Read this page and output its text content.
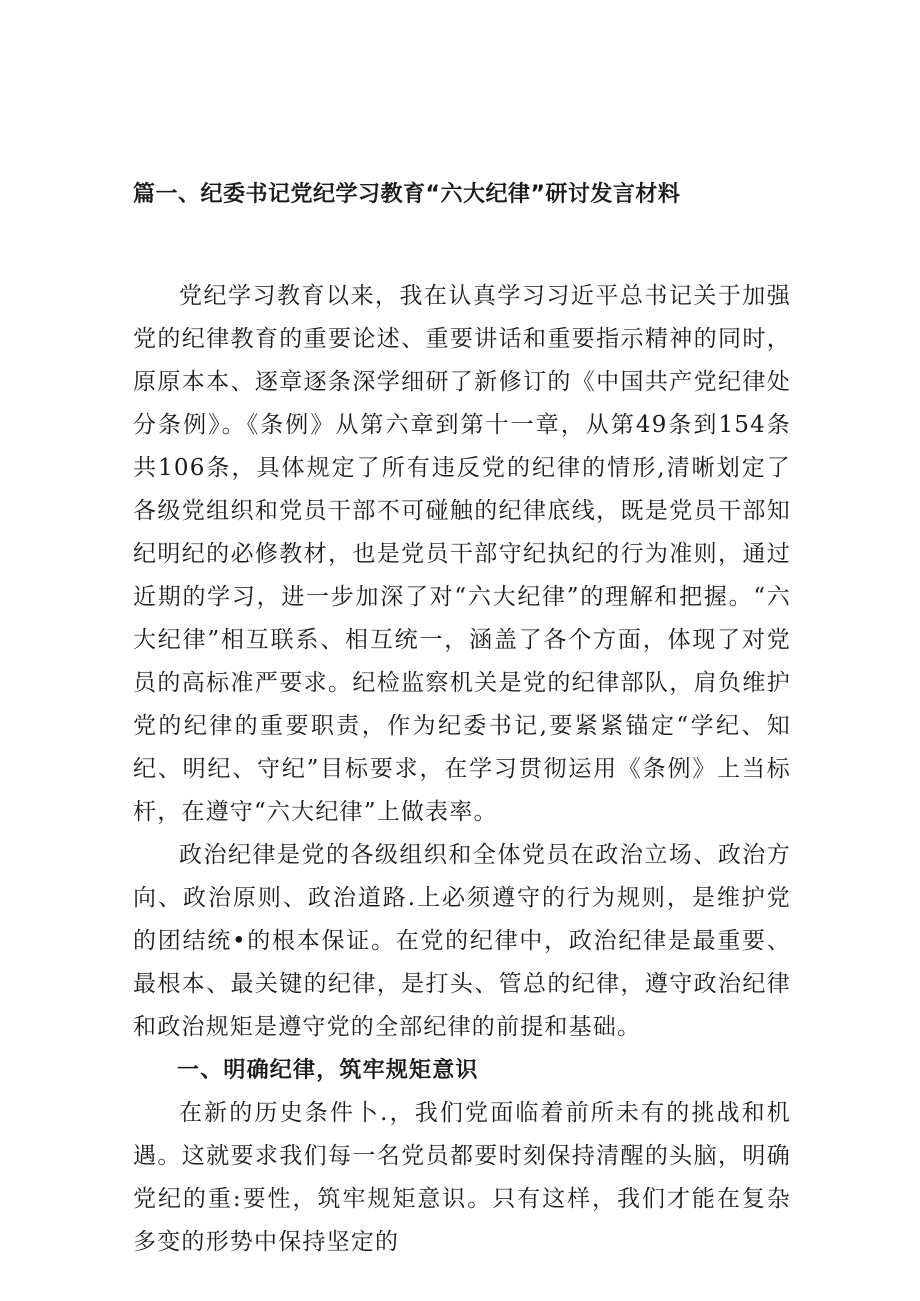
篇一、纪委书记党纪学习教育“六大纪律”研讨发言材料

党纪学习教育以来，我在认真学习习近平总书记关于加强党的纪律教育的重要论述、重要讲话和重要指示精神的同时，原原本本、逐章逐条深学细研了新修订的《中国共产党纪律处分条例》。《条例》从第六章到第十一章，从第49条到154条共106条，具体规定了所有违反党的纪律的情形,清晰划定了各级党组织和党员干部不可碰触的纪律底线，既是党员干部知纪明纪的必修教材，也是党员干部守纪执纪的行为准则，通过近期的学习，进一步加深了对“六大纪律”的理解和把握。“六大纪律”相互联系、相互统一，涵盖了各个方面，体现了对党员的高标准严要求。纪检监察机关是党的纪律部队，肩负维护党的纪律的重要职责，作为纪委书记,要紧紧锚定“学纪、知纪、明纪、守纪”目标要求，在学习贯彻运用《条例》上当标杆，在遵守“六大纪律”上做表率。

政治纪律是党的各级组织和全体党员在政治立场、政治方向、政治原则、政治道路.上必须遵守的行为规则，是维护党的团结统•的根本保证。在党的纪律中，政治纪律是最重要、最根本、最关键的纪律，是打头、管总的纪律，遵守政治纪律和政治规矩是遵守党的全部纪律的前提和基础。

一、明确纪律，筑牢规矩意识

在新的历史条件卜.，我们党面临着前所未有的挑战和机遇。这就要求我们每一名党员都要时刻保持清醒的头脑，明确党纪的重:要性，筑牢规矩意识。只有这样，我们才能在复杂多变的形势中保持坚定的
